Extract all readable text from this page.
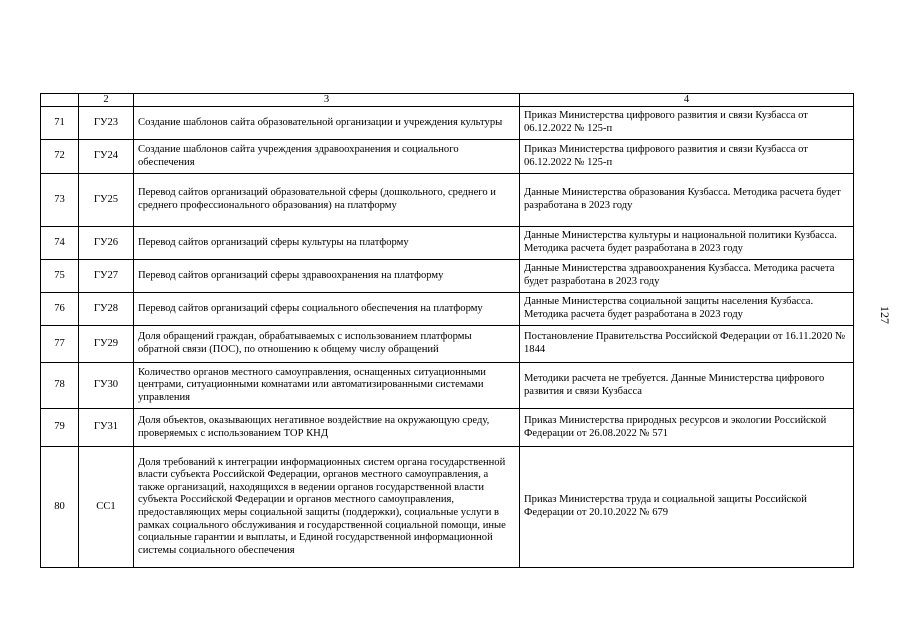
	2	3	4
71	ГУ23	Создание шаблонов сайта образовательной организации и учреждения культуры	Приказ Министерства цифрового развития и связи Кузбасса от 06.12.2022 № 125-п
72	ГУ24	Создание шаблонов сайта учреждения здравоохранения и социального обеспечения	Приказ Министерства цифрового развития и связи Кузбасса от 06.12.2022 № 125-п
73	ГУ25	Перевод сайтов организаций образовательной сферы (дошкольного, среднего и среднего профессионального образования) на платформу	Данные Министерства образования Кузбасса. Методика расчета будет разработана в 2023 году
74	ГУ26	Перевод сайтов организаций сферы культуры на платформу	Данные Министерства культуры и национальной политики Кузбасса. Методика расчета будет разработана в 2023 году
75	ГУ27	Перевод сайтов организаций сферы здравоохранения на платформу	Данные Министерства здравоохранения Кузбасса. Методика расчета будет разработана в 2023 году
76	ГУ28	Перевод сайтов организаций сферы социального обеспечения на платформу	Данные Министерства социальной защиты населения Кузбасса. Методика расчета будет разработана в 2023 году
77	ГУ29	Доля обращений граждан, обрабатываемых с использованием платформы обратной связи (ПОС), по отношению к общему числу обращений	Постановление Правительства Российской Федерации от 16.11.2020 № 1844
78	ГУ30	Количество органов местного самоуправления, оснащенных ситуационными центрами, ситуационными комнатами или автоматизированными системами управления	Методики расчета не требуется. Данные Министерства цифрового развития и связи Кузбасса
79	ГУ31	Доля объектов, оказывающих негативное воздействие на окружающую среду, проверяемых с использованием ТОР КНД	Приказ Министерства природных ресурсов и экологии Российской Федерации от 26.08.2022 № 571
80	СС1	Доля требований к интеграции информационных систем органа государственной власти субъекта Российской Федерации, органов местного самоуправления, а также организаций, находящихся в ведении органов государственной власти субъекта Российской Федерации и органов местного самоуправления, предоставляющих меры социальной защиты (поддержки), социальные услуги в рамках социального обслуживания и государственной социальной помощи, иные социальные гарантии и выплаты, и Единой государственной информационной системы социального обеспечения	Приказ Министерства труда и социальной защиты Российской Федерации от 20.10.2022 № 679
127
